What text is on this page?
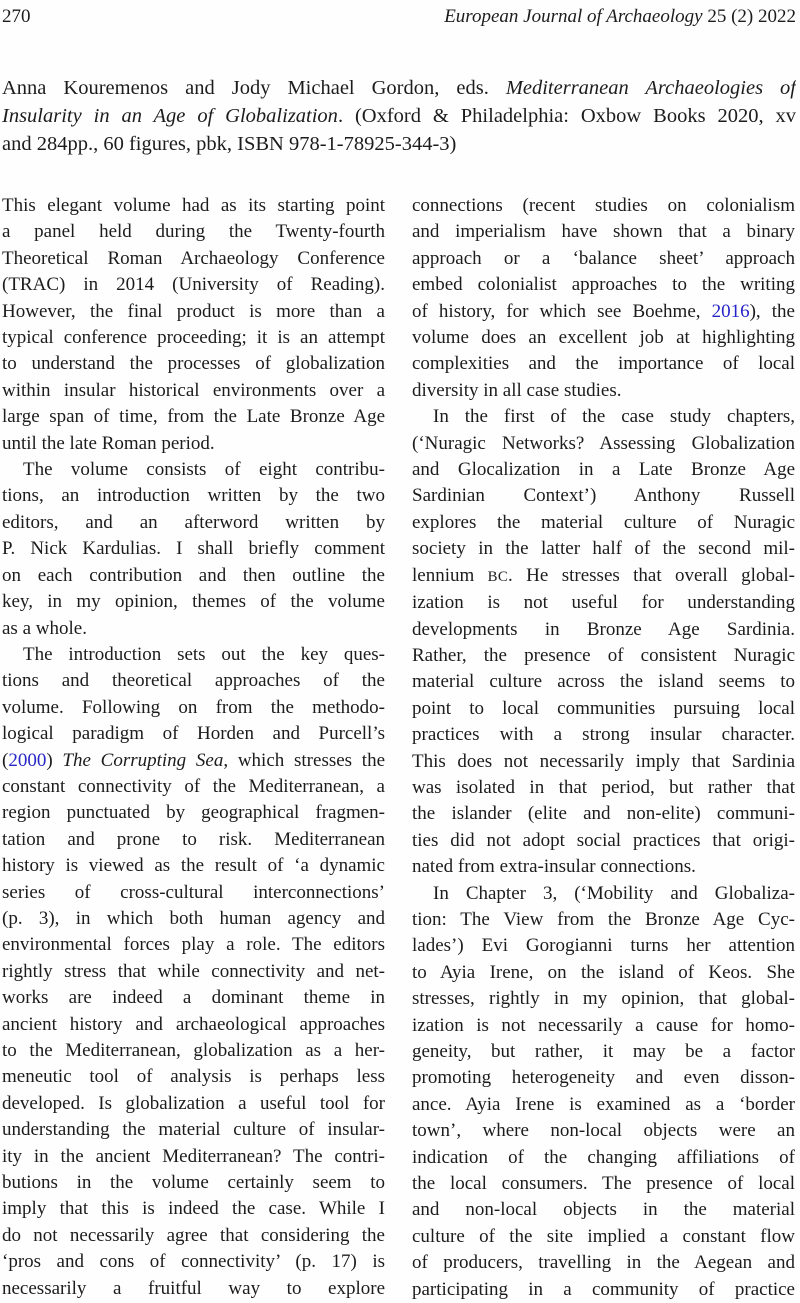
270	European Journal of Archaeology 25 (2) 2022
Anna Kouremenos and Jody Michael Gordon, eds. Mediterranean Archaeologies of
Insularity in an Age of Globalization. (Oxford & Philadelphia: Oxbow Books 2020, xv
and 284pp., 60 figures, pbk, ISBN 978-1-78925-344-3)
This elegant volume had as its starting point
a panel held during the Twenty-fourth
Theoretical Roman Archaeology Conference
(TRAC) in 2014 (University of Reading).
However, the final product is more than a
typical conference proceeding; it is an attempt
to understand the processes of globalization
within insular historical environments over a
large span of time, from the Late Bronze Age
until the late Roman period.
The volume consists of eight contribu-
tions, an introduction written by the two
editors, and an afterword written by
P. Nick Kardulias. I shall briefly comment
on each contribution and then outline the
key, in my opinion, themes of the volume
as a whole.
The introduction sets out the key ques-
tions and theoretical approaches of the
volume. Following on from the methodo-
logical paradigm of Horden and Purcell’s
(2000) The Corrupting Sea, which stresses the
constant connectivity of the Mediterranean, a
region punctuated by geographical fragmen-
tation and prone to risk. Mediterranean
history is viewed as the result of ‘a dynamic
series of cross-cultural interconnections’
(p. 3), in which both human agency and
environmental forces play a role. The editors
rightly stress that while connectivity and net-
works are indeed a dominant theme in
ancient history and archaeological approaches
to the Mediterranean, globalization as a her-
meneutic tool of analysis is perhaps less
developed. Is globalization a useful tool for
understanding the material culture of insular-
ity in the ancient Mediterranean? The contri-
butions in the volume certainly seem to
imply that this is indeed the case. While I
do not necessarily agree that considering the
‘pros and cons of connectivity’ (p. 17) is
necessarily a fruitful way to explore
connections (recent studies on colonialism
and imperialism have shown that a binary
approach or a ‘balance sheet’ approach
embed colonialist approaches to the writing
of history, for which see Boehme, 2016), the
volume does an excellent job at highlighting
complexities and the importance of local
diversity in all case studies.
In the first of the case study chapters,
(‘Nuragic Networks? Assessing Globalization
and Glocalization in a Late Bronze Age
Sardinian Context’) Anthony Russell
explores the material culture of Nuragic
society in the latter half of the second mil-
lennium BC. He stresses that overall global-
ization is not useful for understanding
developments in Bronze Age Sardinia.
Rather, the presence of consistent Nuragic
material culture across the island seems to
point to local communities pursuing local
practices with a strong insular character.
This does not necessarily imply that Sardinia
was isolated in that period, but rather that
the islander (elite and non-elite) communi-
ties did not adopt social practices that origi-
nated from extra-insular connections.
In Chapter 3, (‘Mobility and Globaliza-
tion: The View from the Bronze Age Cyc-
lades’) Evi Gorogianni turns her attention
to Ayia Irene, on the island of Keos. She
stresses, rightly in my opinion, that global-
ization is not necessarily a cause for homo-
geneity, but rather, it may be a factor
promoting heterogeneity and even disson-
ance. Ayia Irene is examined as a ‘border
town’, where non-local objects were an
indication of the changing affiliations of
the local consumers. The presence of local
and non-local objects in the material
culture of the site implied a constant flow
of producers, travelling in the Aegean and
participating in a community of practice
